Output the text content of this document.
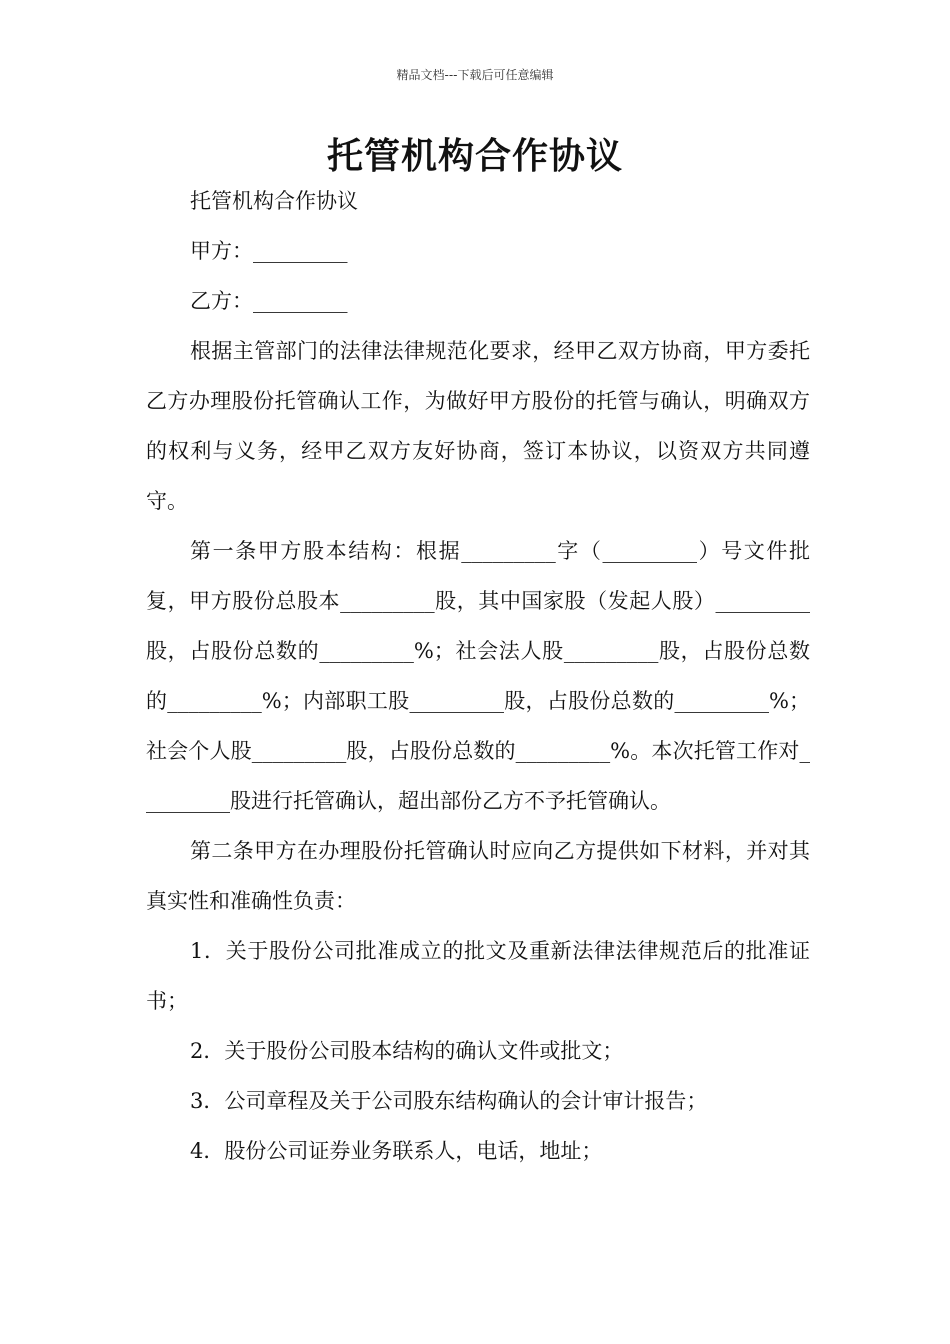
精品文档---下载后可任意编辑
托管机构合作协议

托管机构合作协议

甲方：_________

乙方：_________

根据主管部门的法律法律规范化要求，经甲乙双方协商，甲方委托乙方办理股份托管确认工作，为做好甲方股份的托管与确认，明确双方的权利与义务，经甲乙双方友好协商，签订本协议，以资双方共同遵守。

第一条甲方股本结构：根据_________字（_________）号文件批复，甲方股份总股本_________股，其中国家股（发起人股）_________股，占股份总数的_________%；社会法人股_________股，占股份总数的_________%；内部职工股_________股，占股份总数的_________%；社会个人股_________股，占股份总数的_________%。本次托管工作对_________股进行托管确认，超出部份乙方不予托管确认。

第二条甲方在办理股份托管确认时应向乙方提供如下材料，并对其真实性和准确性负责：

1．关于股份公司批准成立的批文及重新法律法律规范后的批准证书；

2．关于股份公司股本结构的确认文件或批文；

3．公司章程及关于公司股东结构确认的会计审计报告；

4．股份公司证券业务联系人，电话，地址；
